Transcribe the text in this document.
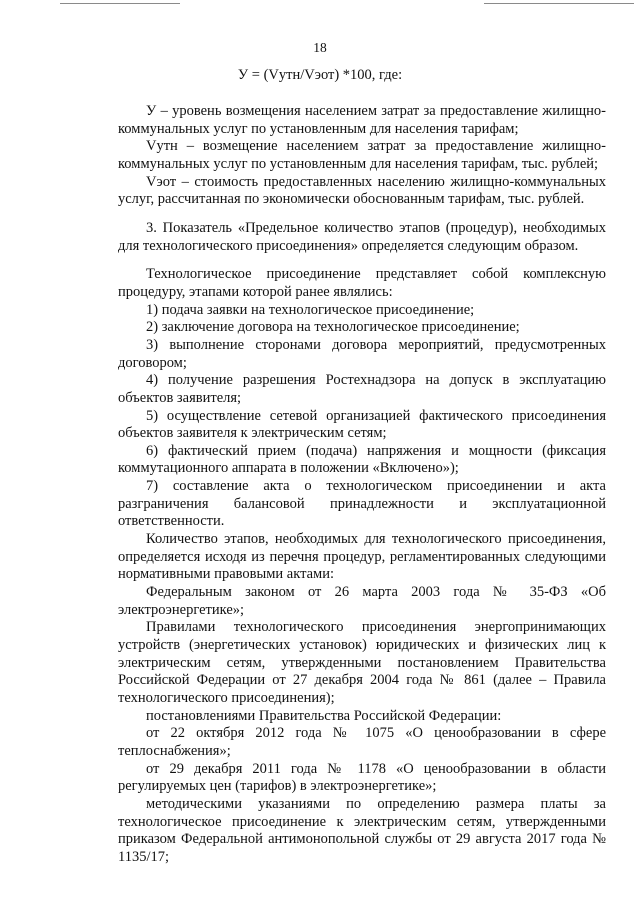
18
У = (Vутн/Vэот) *100, где:

У – уровень возмещения населением затрат за предоставление жилищно-коммунальных услуг по установленным для населения тарифам;

Vутн – возмещение населением затрат за предоставление жилищно-коммунальных услуг по установленным для населения тарифам, тыс. рублей;

Vэот – стоимость предоставленных населению жилищно-коммунальных услуг, рассчитанная по экономически обоснованным тарифам, тыс. рублей.

3. Показатель «Предельное количество этапов (процедур), необходимых для технологического присоединения» определяется следующим образом.

Технологическое присоединение представляет собой комплексную процедуру, этапами которой ранее являлись:

1) подача заявки на технологическое присоединение;

2) заключение договора на технологическое присоединение;

3) выполнение сторонами договора мероприятий, предусмотренных договором;

4) получение разрешения Ростехнадзора на допуск в эксплуатацию объектов заявителя;

5) осуществление сетевой организацией фактического присоединения объектов заявителя к электрическим сетям;

6) фактический прием (подача) напряжения и мощности (фиксация коммутационного аппарата в положении «Включено»);

7) составление акта о технологическом присоединении и акта разграничения балансовой принадлежности и эксплуатационной ответственности.

Количество этапов, необходимых для технологического присоединения, определяется исходя из перечня процедур, регламентированных следующими нормативными правовыми актами:

Федеральным законом от 26 марта 2003 года № 35-ФЗ «Об электроэнергетике»;

Правилами технологического присоединения энергопринимающих устройств (энергетических установок) юридических и физических лиц к электрическим сетям, утвержденными постановлением Правительства Российской Федерации от 27 декабря 2004 года № 861 (далее – Правила технологического присоединения);

постановлениями Правительства Российской Федерации:

от 22 октября 2012 года № 1075 «О ценообразовании в сфере теплоснабжения»;

от 29 декабря 2011 года № 1178 «О ценообразовании в области регулируемых цен (тарифов) в электроэнергетике»;

методическими указаниями по определению размера платы за технологическое присоединение к электрическим сетям, утвержденными приказом Федеральной антимонопольной службы от 29 августа 2017 года № 1135/17;
